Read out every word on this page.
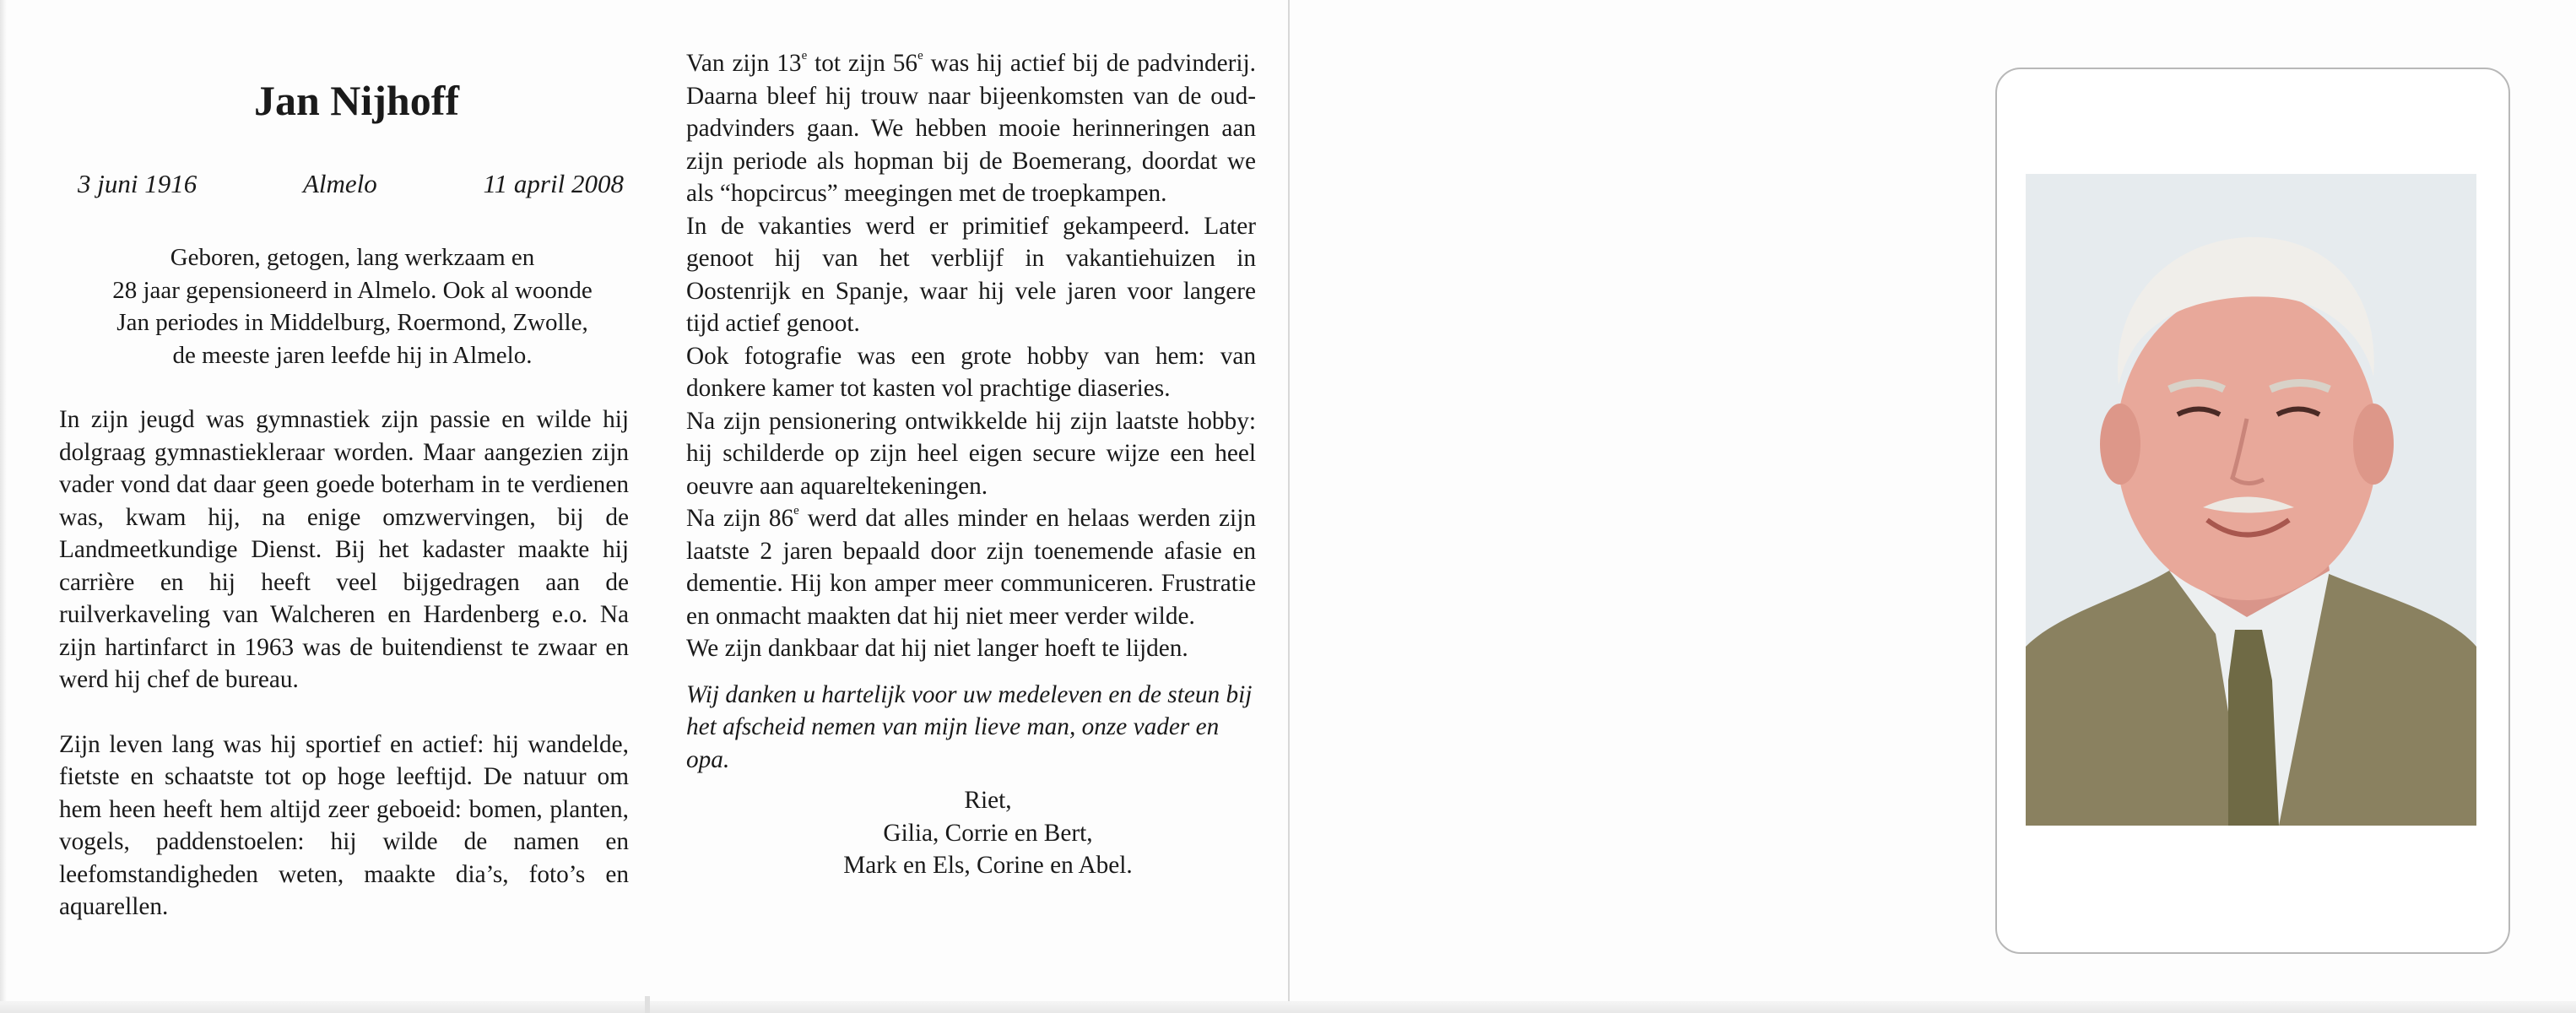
Jan Nijhoff
3 juni 1916	Almelo	11 april 2008
Geboren, getogen, lang werkzaam en
28 jaar gepensioneerd in Almelo. Ook al woonde
Jan periodes in Middelburg, Roermond, Zwolle,
de meeste jaren leefde hij in Almelo.

In zijn jeugd was gymnastiek zijn passie en wilde hij dolgraag gymnastiekleraar worden. Maar aangezien zijn vader vond dat daar geen goede boterham in te verdienen was, kwam hij, na enige omzwervingen, bij de Landmeetkundige Dienst. Bij het kadaster maakte hij carrière en hij heeft veel bijgedragen aan de ruilverkaveling van Walcheren en Hardenberg e.o. Na zijn hartinfarct in 1963 was de buitendienst te zwaar en werd hij chef de bureau.

Zijn leven lang was hij sportief en actief: hij wandelde, fietste en schaatste tot op hoge leeftijd. De natuur om hem heen heeft hem altijd zeer geboeid: bomen, planten, vogels, paddenstoelen: hij wilde de namen en leefomstandigheden weten, maakte dia’s, foto’s en aquarellen.

Van zijn 13e tot zijn 56e was hij actief bij de padvinderij. Daarna bleef hij trouw naar bijeenkomsten van de oud-padvinders gaan. We hebben mooie herinneringen aan zijn periode als hopman bij de Boemerang, doordat we als “hopcircus” meegingen met de troepkampen.

In de vakanties werd er primitief gekampeerd. Later genoot hij van het verblijf in vakantiehuizen in Oostenrijk en Spanje, waar hij vele jaren voor langere tijd actief genoot.

Ook fotografie was een grote hobby van hem: van donkere kamer tot kasten vol prachtige diaseries.

Na zijn pensionering ontwikkelde hij zijn laatste hobby: hij schilderde op zijn heel eigen secure wijze een heel oeuvre aan aquareltekeningen.

Na zijn 86e werd dat alles minder en helaas werden zijn laatste 2 jaren bepaald door zijn toenemende afasie en dementie. Hij kon amper meer communiceren. Frustratie en onmacht maakten dat hij niet meer verder wilde.

We zijn dankbaar dat hij niet langer hoeft te lijden.

Wij danken u hartelijk voor uw medeleven en de steun bij het afscheid nemen van mijn lieve man, onze vader en opa.

Riet,
Gilia, Corrie en Bert,
Mark en Els, Corine en Abel.
